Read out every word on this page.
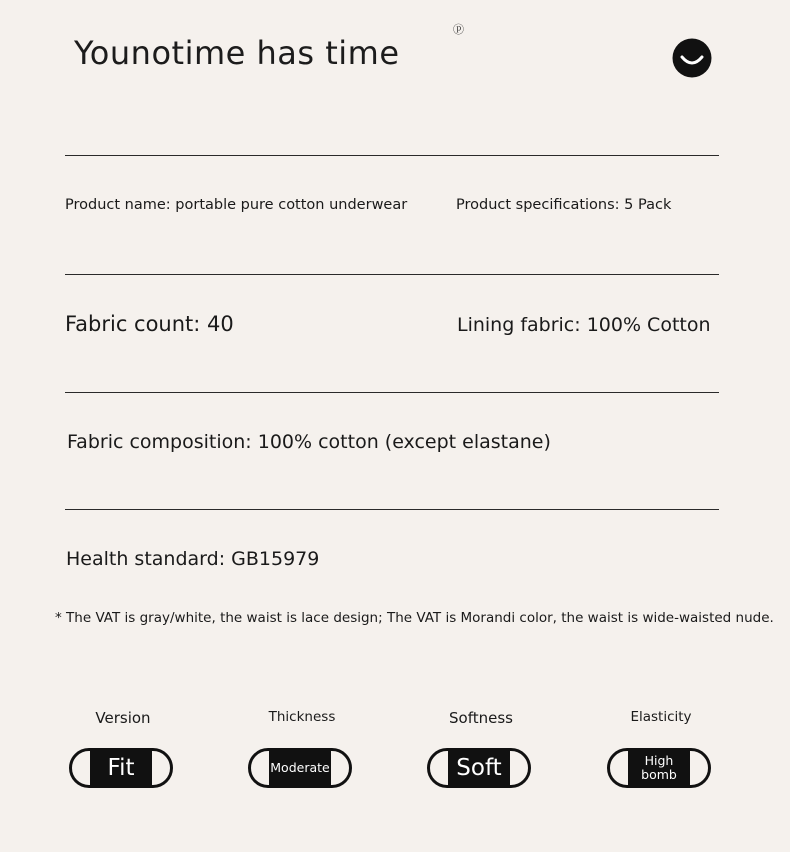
Younotime has time
ⓟ
Product name: portable pure cotton underwear	Product specifications: 5 Pack
Fabric count: 40	Lining fabric: 100% Cotton
Fabric composition: 100% cotton (except elastane)
Health standard: GB15979
* The VAT is gray/white, the waist is lace design; The VAT is Morandi color, the waist is wide-waisted nude.
Version
Fit
Thickness
Moderate
Softness
Soft
Elasticity
High bomb
